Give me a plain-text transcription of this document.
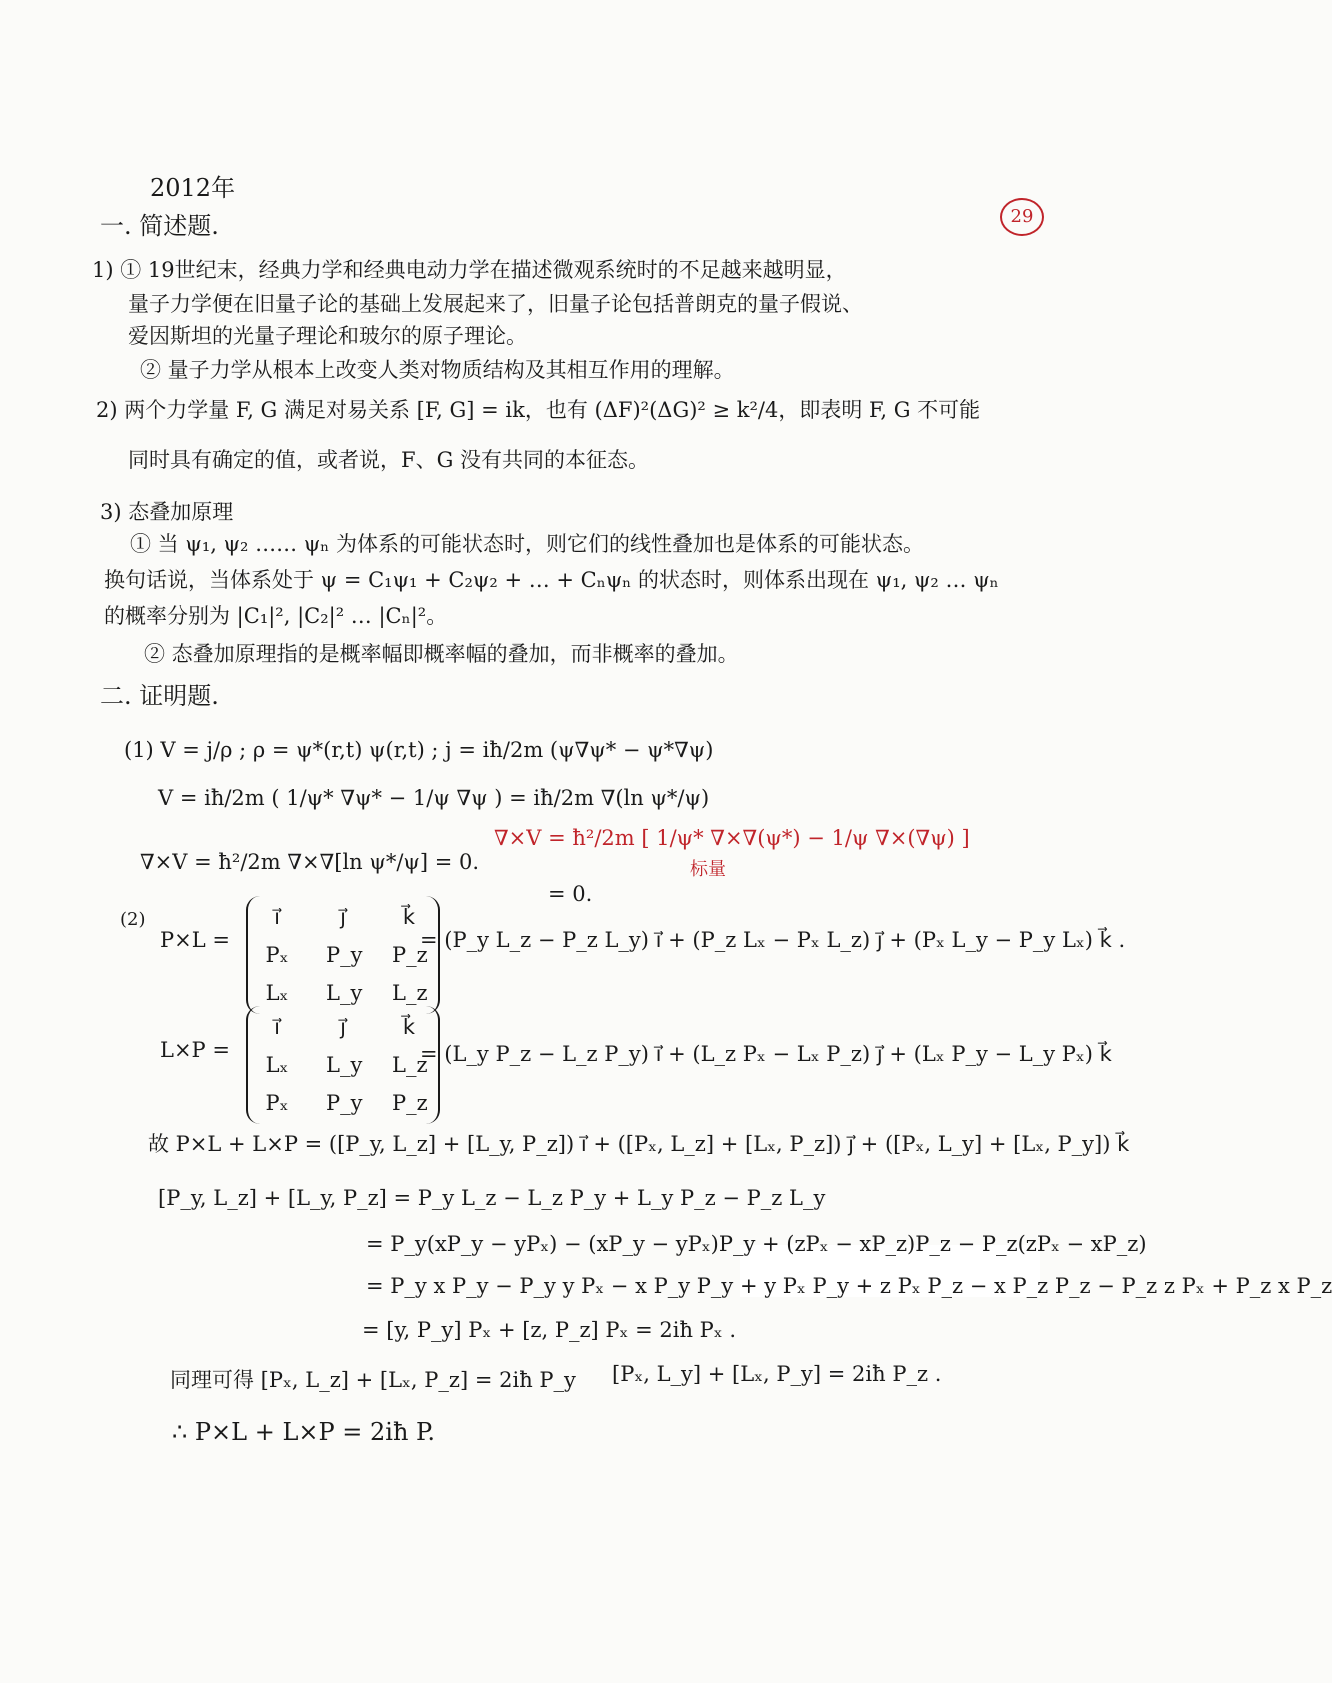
2012年
29
一. 简述题.
1) ① 19世纪末，经典力学和经典电动力学在描述微观系统时的不足越来越明显，
量子力学便在旧量子论的基础上发展起来了，旧量子论包括普朗克的量子假说、
爱因斯坦的光量子理论和玻尔的原子理论。
② 量子力学从根本上改变人类对物质结构及其相互作用的理解。
2) 两个力学量 F, G 满足对易关系 [F, G] = ik，也有 (ΔF)²(ΔG)² ≥ k²/4，即表明 F, G 不可能
同时具有确定的值，或者说，F、G 没有共同的本征态。
3) 态叠加原理
① 当 ψ₁, ψ₂ …… ψₙ 为体系的可能状态时，则它们的线性叠加也是体系的可能状态。
换句话说，当体系处于 ψ = C₁ψ₁ + C₂ψ₂ + … + Cₙψₙ 的状态时，则体系出现在 ψ₁, ψ₂ … ψₙ
的概率分别为 |C₁|², |C₂|² … |Cₙ|²。
② 态叠加原理指的是概率幅即概率幅的叠加，而非概率的叠加。
二. 证明题.
(1) V = j/ρ ; ρ = ψ*(r,t) ψ(r,t) ; j = iħ/2m (ψ∇ψ* − ψ*∇ψ)
V = iħ/2m ( 1/ψ* ∇ψ* − 1/ψ ∇ψ ) = iħ/2m ∇(ln ψ*/ψ)
∇×V = ħ²/2m [ 1/ψ* ∇×∇(ψ*) − 1/ψ ∇×(∇ψ) ]
标量
∇×V = ħ²/2m ∇×∇[ln ψ*/ψ] = 0.
= 0.
(2)
P×L =
i⃗	j⃗	k⃗
Pₓ P_y P_z
Lₓ L_y L_z
= (P_y L_z − P_z L_y) i⃗ + (P_z Lₓ − Pₓ L_z) j⃗ + (Pₓ L_y − P_y Lₓ) k⃗ .
L×P =
i⃗	j⃗	k⃗
Lₓ L_y L_z
Pₓ P_y P_z
= (L_y P_z − L_z P_y) i⃗ + (L_z Pₓ − Lₓ P_z) j⃗ + (Lₓ P_y − L_y Pₓ) k⃗
故 P×L + L×P = ([P_y, L_z] + [L_y, P_z]) i⃗ + ([Pₓ, L_z] + [Lₓ, P_z]) j⃗ + ([Pₓ, L_y] + [Lₓ, P_y]) k⃗
[P_y, L_z] + [L_y, P_z] = P_y L_z − L_z P_y + L_y P_z − P_z L_y
= P_y(xP_y − yPₓ) − (xP_y − yPₓ)P_y + (zPₓ − xP_z)P_z − P_z(zPₓ − xP_z)
= P_y x P_y − P_y y Pₓ − x P_y P_y + y Pₓ P_y + z Pₓ P_z − x P_z P_z − P_z z Pₓ + P_z x P_z
= [y, P_y] Pₓ + [z, P_z] Pₓ = 2iħ Pₓ .
同理可得 [Pₓ, L_z] + [Lₓ, P_z] = 2iħ P_y [Pₓ, L_y] + [Lₓ, P_y] = 2iħ P_z .
∴ P×L + L×P = 2iħ P.
